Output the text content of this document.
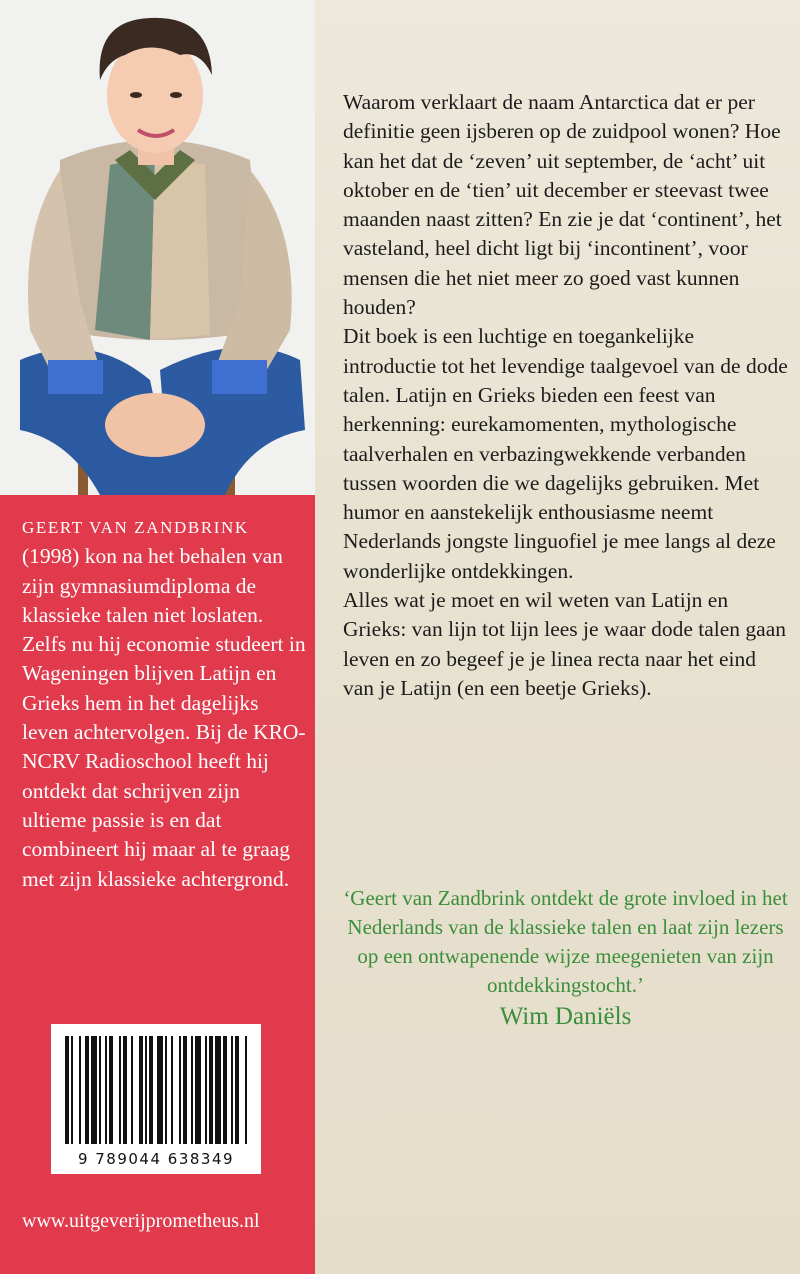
GEERT VAN ZANDBRINK (1998) kon na het behalen van zijn gymnasiumdiploma de klassieke talen niet loslaten. Zelfs nu hij economie studeert in Wageningen blijven Latijn en Grieks hem in het dagelijks leven achtervolgen. Bij de KRO-NCRV Radioschool heeft hij ontdekt dat schrijven zijn ultieme passie is en dat combineert hij maar al te graag met zijn klassieke achtergrond.
9 789044 638349
www.uitgeverijprometheus.nl

Waarom verklaart de naam Antarctica dat er per definitie geen ijsberen op de zuidpool wonen? Hoe kan het dat de ‘zeven’ uit september, de ‘acht’ uit oktober en de ‘tien’ uit december er steevast twee maanden naast zitten? En zie je dat ‘continent’, het vasteland, heel dicht ligt bij ‘incontinent’, voor mensen die het niet meer zo goed vast kunnen houden?

Dit boek is een luchtige en toegankelijke introductie tot het levendige taalgevoel van de dode talen. Latijn en Grieks bieden een feest van herkenning: eurekamomenten, mythologische taalverhalen en verbazingwekkende verbanden tussen woorden die we dagelijks gebruiken. Met humor en aanstekelijk enthousiasme neemt Nederlands jongste linguofiel je mee langs al deze wonderlijke ontdekkingen.

Alles wat je moet en wil weten van Latijn en Grieks: van lijn tot lijn lees je waar dode talen gaan leven en zo begeef je je linea recta naar het eind van je Latijn (en een beetje Grieks).

‘Geert van Zandbrink ontdekt de grote invloed in het Nederlands van de klassieke talen en laat zijn lezers op een ontwapenende wijze meegenieten van zijn ontdekkingstocht.’

Wim Daniëls
